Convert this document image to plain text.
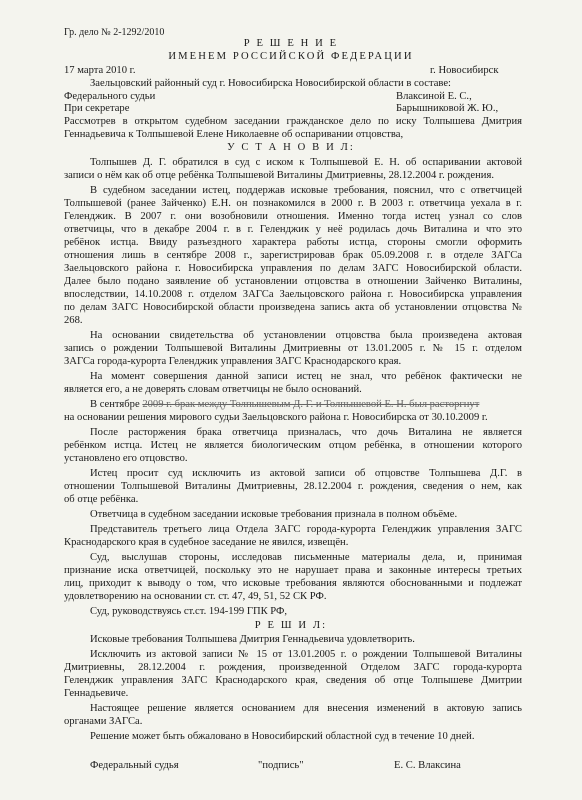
Гр. дело № 2-1292/2010
Р Е Ш Е Н И Е
ИМЕНЕМ РОССИЙСКОЙ ФЕДЕРАЦИИ
17 марта 2010 г.	г. Новосибирск
Заельцовский районный суд г. Новосибирска Новосибирской области в составе:
Федерального судьи	Влаксиной Е. С.,
При секретаре	Барышниковой Ж. Ю.,
Рассмотрев в открытом судебном заседании гражданское дело по иску Толпышева Дмитрия
Геннадьевича к Толпышевой Елене Николаевне об оспаривании отцовства,
У С Т А Н О В И Л:
Толпышев Д. Г. обратился в суд с иском к Толпышевой Е. Н. об оспаривании актовой
записи о нём как об отце ребёнка Толпышевой Виталины Дмитриевны, 28.12.2004 г. рождения.
В судебном заседании истец, поддержав исковые требования, пояснил, что с ответчицей
Толпышевой (ранее Зайченко) Е.Н. он познакомился в 2000 г. В 2003 г. ответчица уехала в г.
Геленджик. В 2007 г. они возобновили отношения. Именно тогда истец узнал со слов
ответчицы, что в декабре 2004 г. в г. Геленджик у неё родилась дочь Виталина и что это
ребёнок истца. Ввиду разъездного характера работы истца, стороны смогли оформить
отношения лишь в сентябре 2008 г., зарегистрировав брак 05.09.2008 г. в отделе ЗАГСа
Заельцовского района г. Новосибирска управления по делам ЗАГС Новосибирской области.
Далее было подано заявление об установлении отцовства в отношении Зайченко Виталины,
впоследствии, 14.10.2008 г. отделом ЗАГСа Заельцовского района г. Новосибирска управления
по делам ЗАГС Новосибирской области произведена запись акта об установлении отцовства №
268.
На основании свидетельства об установлении отцовства была произведена актовая
запись о рождении Толпышевой Виталины Дмитриевны от 13.01.2005 г. № 15 г. отделом
ЗАГСа города-курорта Геленджик управления ЗАГС Краснодарского края.
На момент совершения данной записи истец не знал, что ребёнок фактически не
является его, а не доверять словам ответчицы не было оснований.
В сентябре 2009 г. брак между Толпышевым Д. Г. и Толпышевой Е. Н. был расторгнут
на основании решения мирового судьи Заельцовского района г. Новосибирска от 30.10.2009 г.
После расторжения брака ответчица призналась, что дочь Виталина не является
ребёнком истца. Истец не является биологическим отцом ребёнка, в отношении которого
установлено его отцовство.
Истец просит суд исключить из актовой записи об отцовстве Толпышева Д.Г. в
отношении Толпышевой Виталины Дмитриевны, 28.12.2004 г. рождения, сведения о нем, как
об отце ребёнка.
Ответчица в судебном заседании исковые требования признала в полном объёме.
Представитель третьего лица Отдела ЗАГС города-курорта Геленджик управления ЗАГС
Краснодарского края в судебное заседание не явился, извещён.
Суд, выслушав стороны, исследовав письменные материалы дела, и, принимая
признание иска ответчицей, поскольку это не нарушает права и законные интересы третьих
лиц, приходит к выводу о том, что исковые требования являются обоснованными и подлежат
удовлетворению на основании ст. ст. 47, 49, 51, 52 СК РФ.
Суд, руководствуясь ст.ст. 194-199 ГПК РФ,
Р Е Ш И Л:
Исковые требования Толпышева Дмитрия Геннадьевича удовлетворить.
Исключить из актовой записи № 15 от 13.01.2005 г. о рождении Толпышевой Виталины
Дмитриевны, 28.12.2004 г. рождения, произведенной Отделом ЗАГС города-курорта
Геленджик управления ЗАГС Краснодарского края, сведения об отце Толпышеве Дмитрии
Геннадьевиче.
Настоящее решение является основанием для внесения изменений в актовую запись
органами ЗАГСа.
Решение может быть обжаловано в Новосибирский областной суд в течение 10 дней.
Федеральный судья	"подпись"	Е. С. Влаксина
